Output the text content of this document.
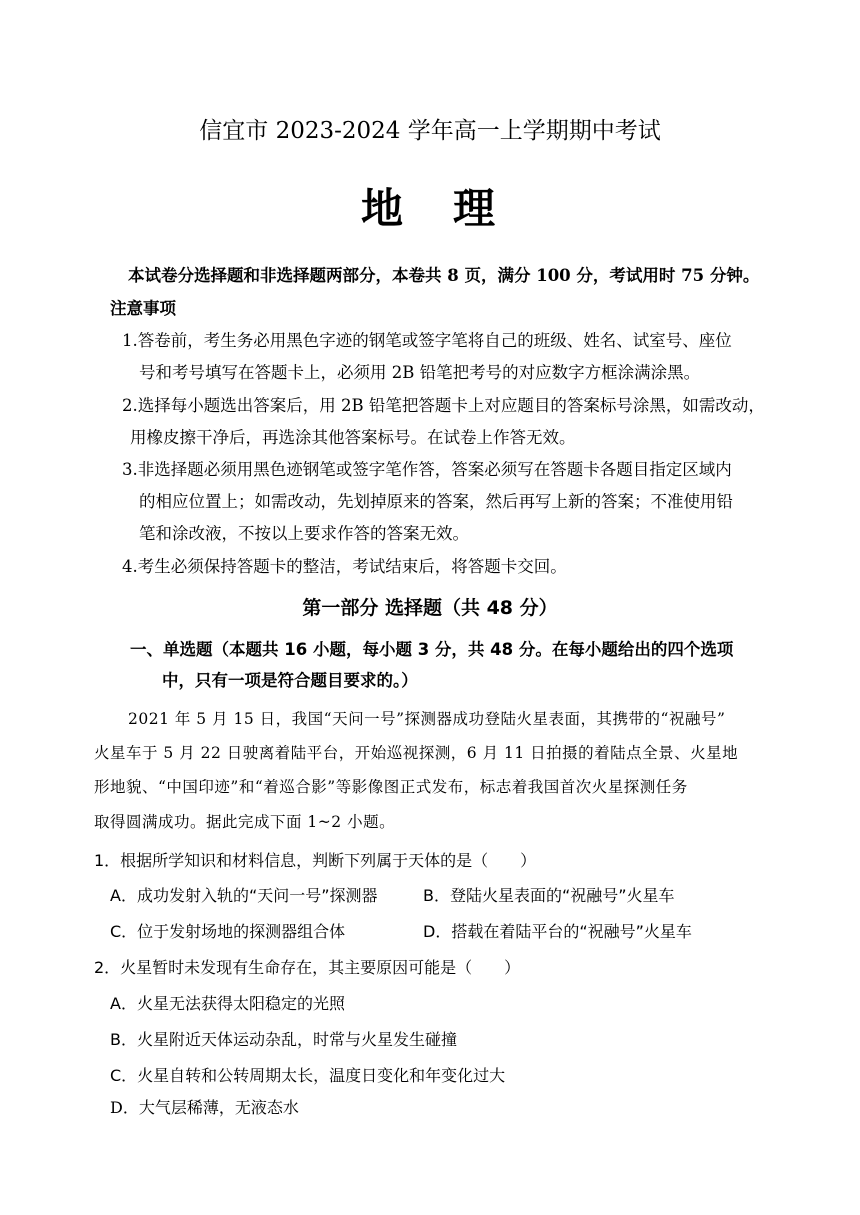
信宜市 2023-2024 学年高一上学期期中考试
地　理
本试卷分选择题和非选择题两部分，本卷共 8 页，满分 100 分，考试用时 75 分钟。
注意事项
1.答卷前，考生务必用黑色字迹的钢笔或签字笔将自己的班级、姓名、试室号、座位
号和考号填写在答题卡上，必须用 2B 铅笔把考号的对应数字方框涂满涂黑。
2.选择每小题选出答案后，用 2B 铅笔把答题卡上对应题目的答案标号涂黑，如需改动，
用橡皮擦干净后，再选涂其他答案标号。在试卷上作答无效。
3.非选择题必须用黑色迹钢笔或签字笔作答，答案必须写在答题卡各题目指定区域内
的相应位置上；如需改动，先划掉原来的答案，然后再写上新的答案；不准使用铅
笔和涂改液，不按以上要求作答的答案无效。
4.考生必须保持答题卡的整洁，考试结束后，将答题卡交回。
第一部分 选择题（共 48 分）
一、单选题（本题共 16 小题，每小题 3 分，共 48 分。在每小题给出的四个选项
中，只有一项是符合题目要求的。）
2021 年 5 月 15 日，我国“天问一号”探测器成功登陆火星表面，其携带的“祝融号”
火星车于 5 月 22 日驶离着陆平台，开始巡视探测，6 月 11 日拍摄的着陆点全景、火星地
形地貌、“中国印迹”和“着巡合影”等影像图正式发布，标志着我国首次火星探测任务
取得圆满成功。据此完成下面 1~2 小题。
1．根据所学知识和材料信息，判断下列属于天体的是（　　）
A．成功发射入轨的“天问一号”探测器	B．登陆火星表面的“祝融号”火星车
C．位于发射场地的探测器组合体	D．搭载在着陆平台的“祝融号”火星车
2．火星暂时未发现有生命存在，其主要原因可能是（　　）
A．火星无法获得太阳稳定的光照
B．火星附近天体运动杂乱，时常与火星发生碰撞
C．火星自转和公转周期太长，温度日变化和年变化过大
D．大气层稀薄，无液态水
